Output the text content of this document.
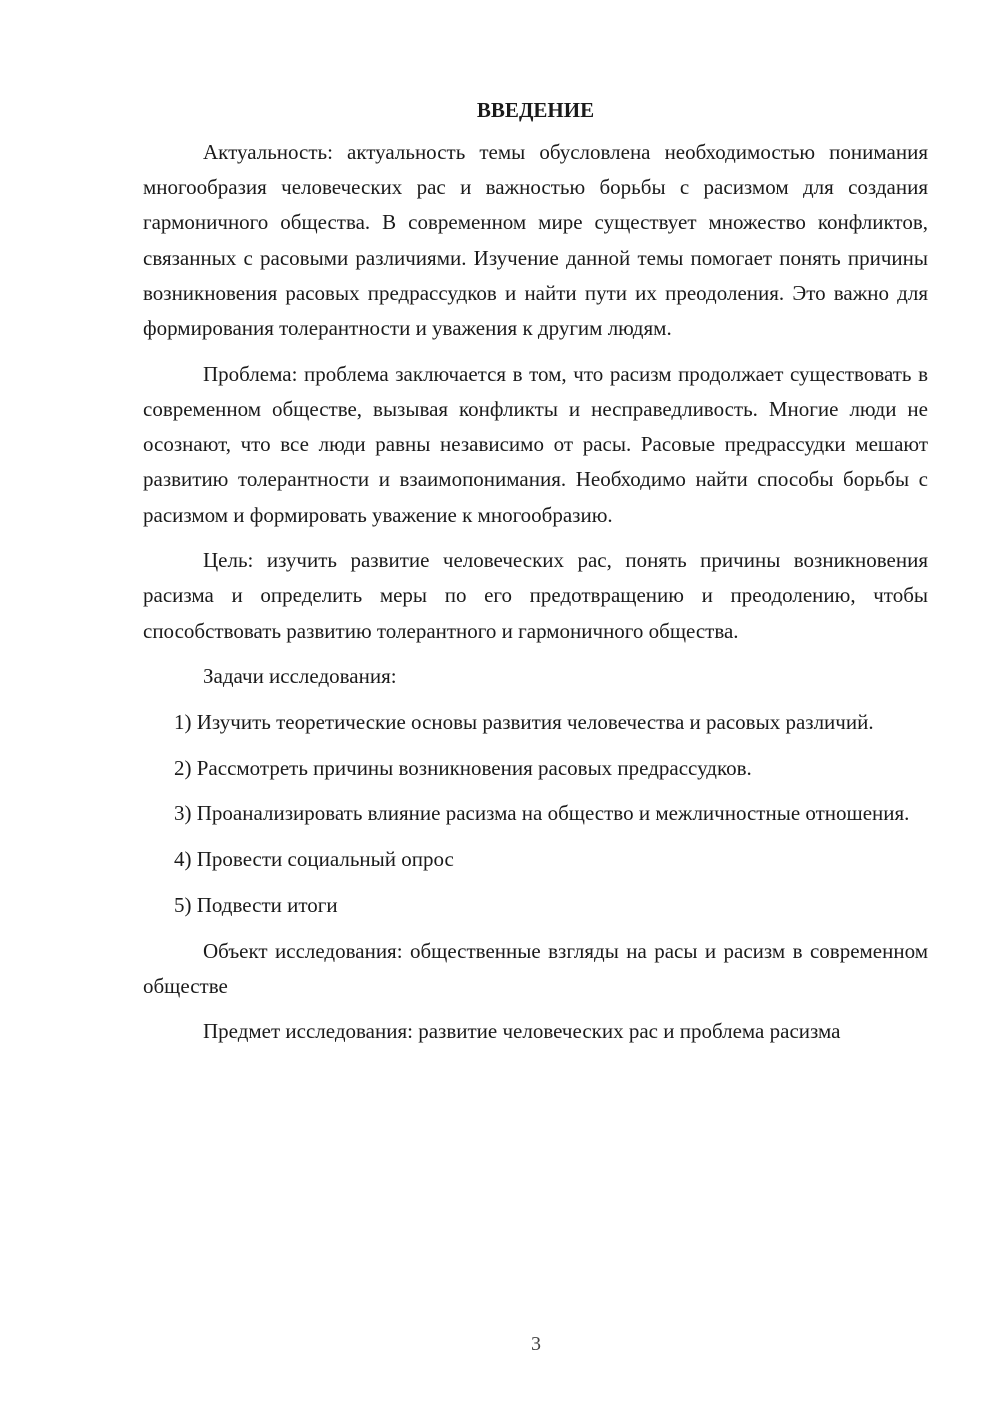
ВВЕДЕНИЕ

Актуальность: актуальность темы обусловлена необходимостью понимания многообразия человеческих рас и важностью борьбы с расизмом для создания гармоничного общества. В современном мире существует множество конфликтов, связанных с расовыми различиями. Изучение данной темы помогает понять причины возникновения расовых предрассудков и найти пути их преодоления. Это важно для формирования толерантности и уважения к другим людям.

Проблема: проблема заключается в том, что расизм продолжает существовать в современном обществе, вызывая конфликты и несправедливость. Многие люди не осознают, что все люди равны независимо от расы. Расовые предрассудки мешают развитию толерантности и взаимопонимания. Необходимо найти способы борьбы с расизмом и формировать уважение к многообразию.

Цель: изучить развитие человеческих рас, понять причины возникновения расизма и определить меры по его предотвращению и преодолению, чтобы способствовать развитию толерантного и гармоничного общества.

Задачи исследования:

1) Изучить теоретические основы развития человечества и расовых различий.

2) Рассмотреть причины возникновения расовых предрассудков.

3) Проанализировать влияние расизма на общество и межличностные отношения.

4) Провести социальный опрос

5) Подвести итоги

Объект исследования: общественные взгляды на расы и расизм в современном обществе

Предмет исследования: развитие человеческих рас и проблема расизма

3
